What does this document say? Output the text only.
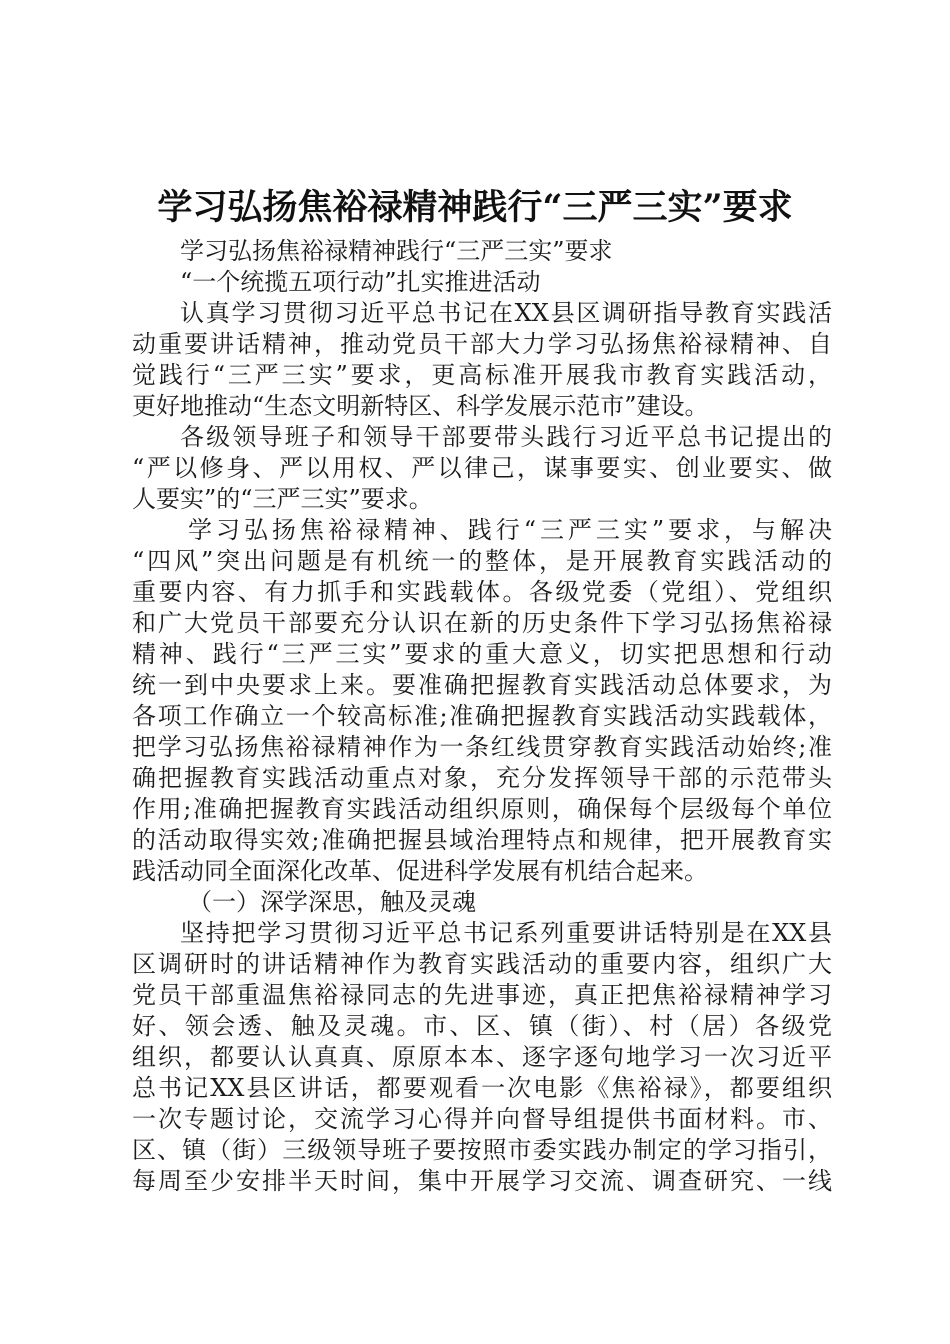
学习弘扬焦裕禄精神践行“三严三实”要求
学习弘扬焦裕禄精神践行“三严三实”要求
“一个统揽五项行动”扎实推进活动
认真学习贯彻习近平总书记在XX县区调研指导教育实践活
动重要讲话精神，推动党员干部大力学习弘扬焦裕禄精神、自
觉践行“三严三实”要求，更高标准开展我市教育实践活动，
更好地推动“生态文明新特区、科学发展示范市”建设。
各级领导班子和领导干部要带头践行习近平总书记提出的
“严以修身、严以用权、严以律己，谋事要实、创业要实、做
人要实”的“三严三实”要求。
学习弘扬焦裕禄精神、践行“三严三实”要求，与解决
“四风”突出问题是有机统一的整体，是开展教育实践活动的
重要内容、有力抓手和实践载体。各级党委（党组）、党组织
和广大党员干部要充分认识在新的历史条件下学习弘扬焦裕禄
精神、践行“三严三实”要求的重大意义，切实把思想和行动
统一到中央要求上来。要准确把握教育实践活动总体要求，为
各项工作确立一个较高标准;准确把握教育实践活动实践载体，
把学习弘扬焦裕禄精神作为一条红线贯穿教育实践活动始终;准
确把握教育实践活动重点对象，充分发挥领导干部的示范带头
作用;准确把握教育实践活动组织原则，确保每个层级每个单位
的活动取得实效;准确把握县域治理特点和规律，把开展教育实
践活动同全面深化改革、促进科学发展有机结合起来。
（一）深学深思，触及灵魂
坚持把学习贯彻习近平总书记系列重要讲话特别是在XX县
区调研时的讲话精神作为教育实践活动的重要内容，组织广大
党员干部重温焦裕禄同志的先进事迹，真正把焦裕禄精神学习
好、领会透、触及灵魂。市、区、镇（街）、村（居）各级党
组织，都要认认真真、原原本本、逐字逐句地学习一次习近平
总书记XX县区讲话，都要观看一次电影《焦裕禄》，都要组织
一次专题讨论，交流学习心得并向督导组提供书面材料。市、
区、镇（街）三级领导班子要按照市委实践办制定的学习指引，
每周至少安排半天时间，集中开展学习交流、调查研究、一线
